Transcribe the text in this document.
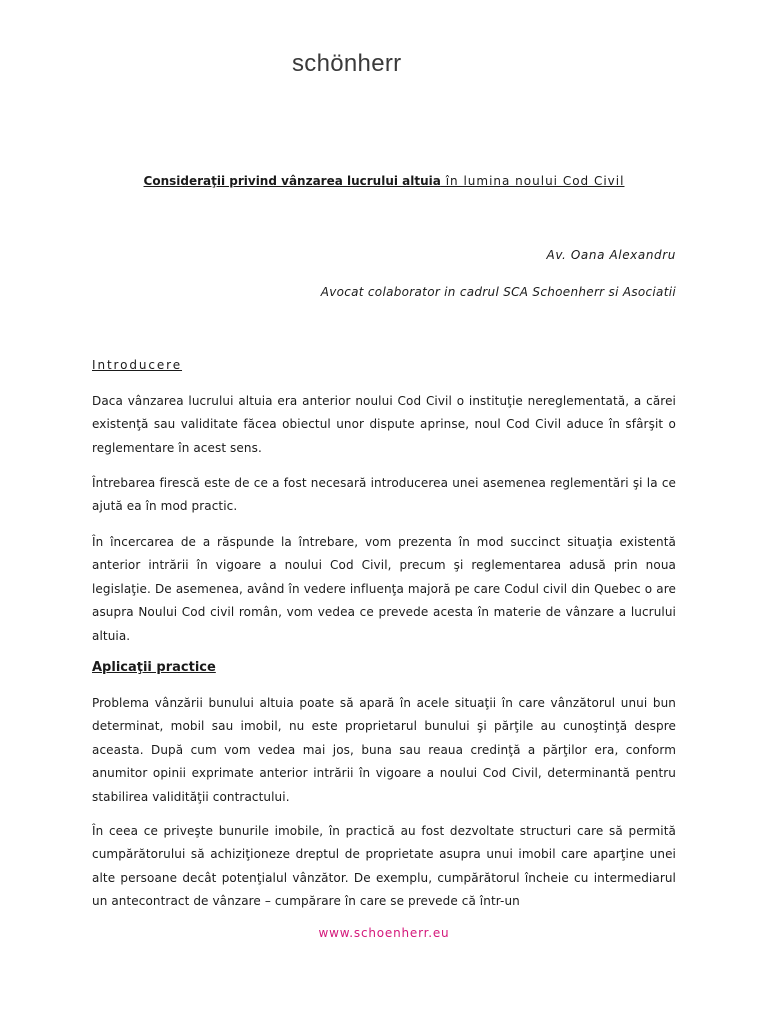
schönherr
Consideraţii privind vânzarea lucrului altuia în lumina noului Cod Civil
Av. Oana Alexandru
Avocat colaborator in cadrul SCA Schoenherr si Asociatii
Introducere

Daca vânzarea lucrului altuia era anterior noului Cod Civil o instituţie nereglementată, a cărei existenţă sau validitate făcea obiectul unor dispute aprinse, noul Cod Civil aduce în sfârşit o reglementare în acest sens.

Întrebarea firescă este de ce a fost necesară introducerea unei asemenea reglementări şi la ce ajută ea în mod practic.

În încercarea de a răspunde la întrebare, vom prezenta în mod succinct situaţia existentă anterior intrării în vigoare a noului Cod Civil, precum şi reglementarea adusă prin noua legislaţie. De asemenea, având în vedere influenţa majoră pe care Codul civil din Quebec o are asupra Noului Cod civil român, vom vedea ce prevede acesta în materie de vânzare a lucrului altuia.

Aplicaţii practice

Problema vânzării bunului altuia poate să apară în acele situaţii în care vânzătorul unui bun determinat, mobil sau imobil, nu este proprietarul bunului şi părţile au cunoştinţă despre aceasta. După cum vom vedea mai jos, buna sau reaua credinţă a părţilor era, conform anumitor opinii exprimate anterior intrării în vigoare a noului Cod Civil, determinantă pentru stabilirea validităţii contractului.

În ceea ce priveşte bunurile imobile, în practică au fost dezvoltate structuri care să permită cumpărătorului să achiziţioneze dreptul de proprietate asupra unui imobil care aparţine unei alte persoane decât potenţialul vânzător. De exemplu, cumpărătorul încheie cu intermediarul un antecontract de vânzare – cumpărare în care se prevede că într-un

www.schoenherr.eu
